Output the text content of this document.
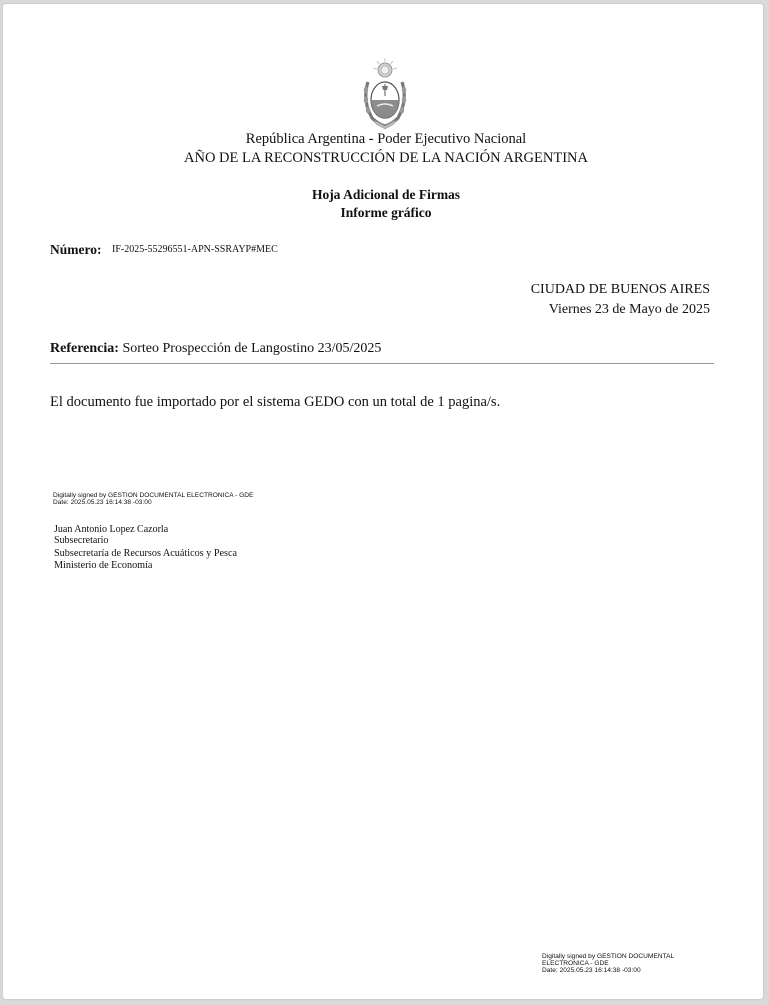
República Argentina - Poder Ejecutivo Nacional
AÑO DE LA RECONSTRUCCIÓN DE LA NACIÓN ARGENTINA
Hoja Adicional de Firmas
Informe gráfico
Número: IF-2025-55296551-APN-SSRAYP#MEC
CIUDAD DE BUENOS AIRES
Viernes 23 de Mayo de 2025
Referencia: Sorteo Prospección de Langostino 23/05/2025
El documento fue importado por el sistema GEDO con un total de 1 pagina/s.
Digitally signed by GESTION DOCUMENTAL ELECTRONICA - GDE
Date: 2025.05.23 16:14:38 -03:00
Juan Antonio Lopez Cazorla
Subsecretario
Subsecretaría de Recursos Acuáticos y Pesca
Ministerio de Economía
Digitally signed by GESTION DOCUMENTAL
ELECTRONICA - GDE
Date: 2025.05.23 16:14:38 -03:00
